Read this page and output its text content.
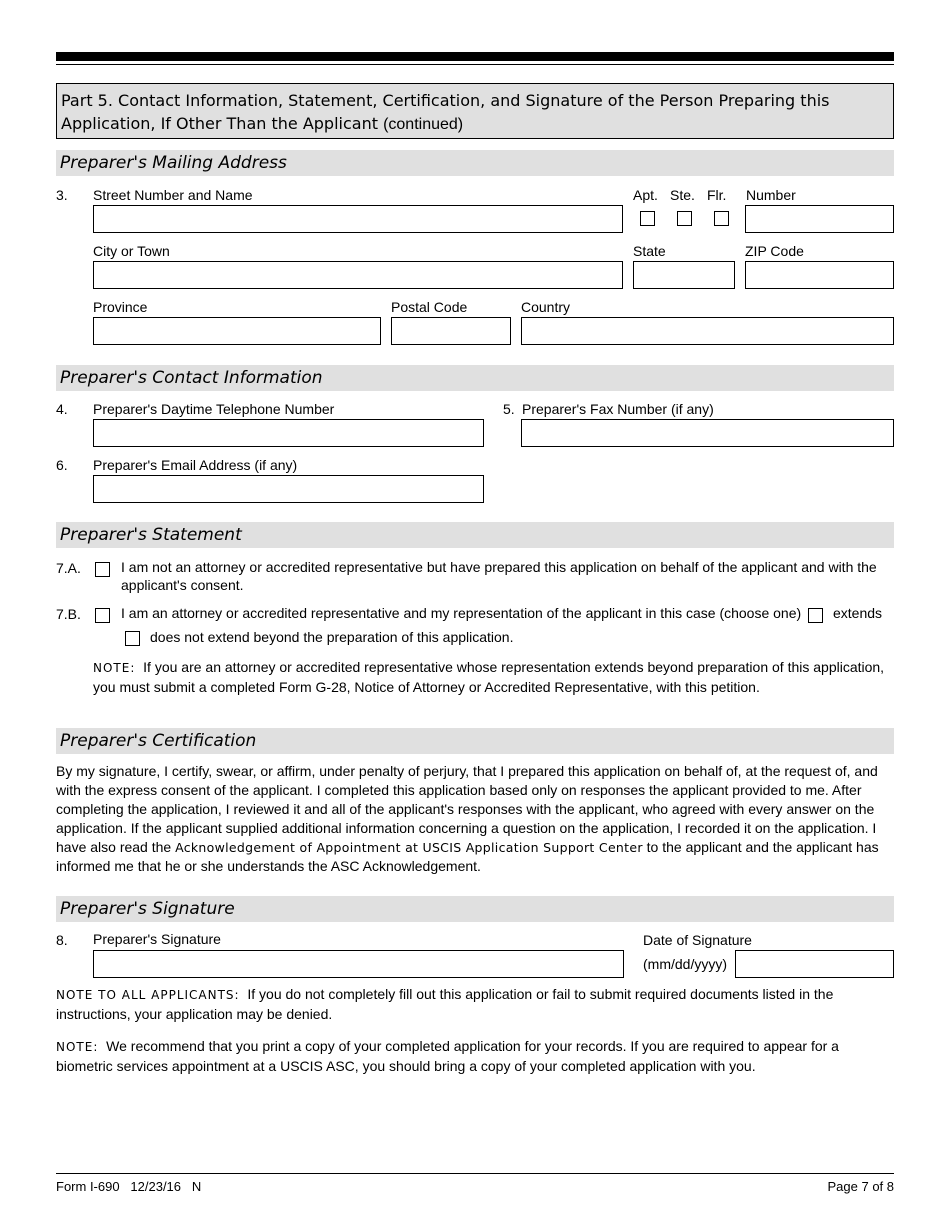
Part 5. Contact Information, Statement, Certification, and Signature of the Person Preparing this Application, If Other Than the Applicant (continued)
Preparer's Mailing Address
3. Street Number and Name	Apt. Ste. Flr. Number
City or Town	State	ZIP Code
Province	Postal Code	Country
Preparer's Contact Information
4. Preparer's Daytime Telephone Number	5. Preparer's Fax Number (if any)
6. Preparer's Email Address (if any)
Preparer's Statement
7.A.	I am not an attorney or accredited representative but have prepared this application on behalf of the applicant and with the applicant's consent.
7.B.	I am an attorney or accredited representative and my representation of the applicant in this case (choose one) extends
does not extend beyond the preparation of this application.
NOTE: If you are an attorney or accredited representative whose representation extends beyond preparation of this application, you must submit a completed Form G-28, Notice of Attorney or Accredited Representative, with this petition.
Preparer's Certification
By my signature, I certify, swear, or affirm, under penalty of perjury, that I prepared this application on behalf of, at the request of, and with the express consent of the applicant. I completed this application based only on responses the applicant provided to me. After completing the application, I reviewed it and all of the applicant's responses with the applicant, who agreed with every answer on the application. If the applicant supplied additional information concerning a question on the application, I recorded it on the application. I have also read the Acknowledgement of Appointment at USCIS Application Support Center to the applicant and the applicant has informed me that he or she understands the ASC Acknowledgement.
Preparer's Signature
8. Preparer's Signature	Date of Signature
(mm/dd/yyyy)
NOTE TO ALL APPLICANTS: If you do not completely fill out this application or fail to submit required documents listed in the instructions, your application may be denied.
NOTE: We recommend that you print a copy of your completed application for your records. If you are required to appear for a biometric services appointment at a USCIS ASC, you should bring a copy of your completed application with you.
Form I-690   12/23/16   N	Page 7 of 8
